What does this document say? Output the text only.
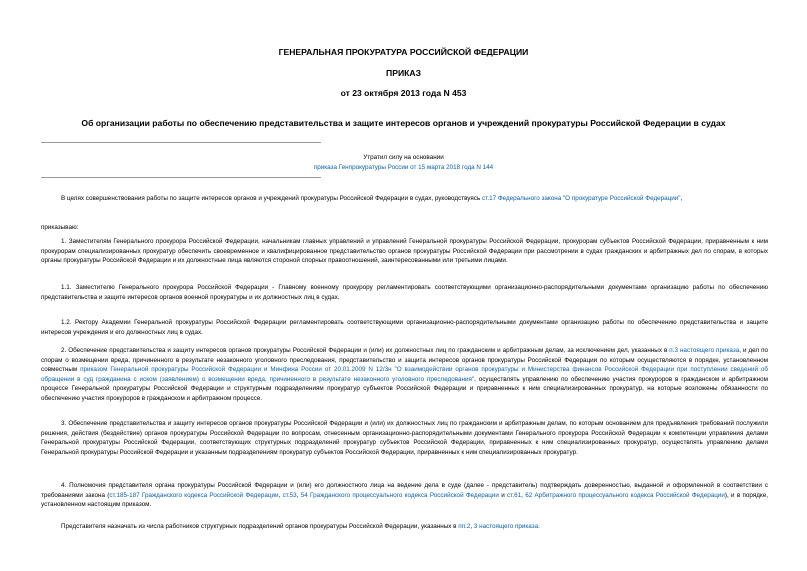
ГЕНЕРАЛЬНАЯ ПРОКУРАТУРА РОССИЙСКОЙ ФЕДЕРАЦИИ
ПРИКАЗ
от 23 октября 2013 года N 453
Об организации работы по обеспечению представительства и защите интересов органов и учреждений прокуратуры Российской Федерации в судах
Утратил силу на основании
приказа Генпрокуратуры России от 15 марта 2018 года N 144
В целях совершенствования работы по защите интересов органов и учреждений прокуратуры Российской Федерации в судах, руководствуясь ст.17 Федерального закона "О прокуратуре Российской Федерации",
приказываю:
1. Заместителям Генерального прокурора Российской Федерации, начальникам главных управлений и управлений Генеральной прокуратуры Российской Федерации, прокурорам субъектов Российской Федерации, приравненным к ним прокурорам специализированных прокуратур обеспечить своевременное и квалифицированное представительство органов прокуратуры Российской Федерации при рассмотрении в судах гражданских и арбитражных дел по спорам, в которых органы прокуратуры Российской Федерации и их должностные лица являются стороной спорных правоотношений, заинтересованными или третьими лицами.
1.1. Заместителю Генерального прокурора Российской Федерации - Главному военному прокурору регламентировать соответствующими организационно-распорядительными документами организацию работы по обеспечению представительства и защите интересов органов военной прокуратуры и их должностных лиц в судах.
1.2. Ректору Академии Генеральной прокуратуры Российской Федерации регламентировать соответствующими организационно-распорядительными документами организацию работы по обеспечению представительства и защите интересов учреждения и его должностных лиц в судах.
2. Обеспечение представительства и защиту интересов органов прокуратуры Российской Федерации и (или) их должностных лиц по гражданским и арбитражным делам, за исключением дел, указанных в п.3 настоящего приказа, и дел по спорам о возмещении вреда, причиненного в результате незаконного уголовного преследования, представительство и защита интересов органов прокуратуры Российской Федерации по которым осуществляются в порядке, установленном совместным приказом Генеральной прокуратуры Российской Федерации и Минфина России от 20.01.2009 N 12/3н "О взаимодействии органов прокуратуры и Министерства финансов Российской Федерации при поступлении сведений об обращении в суд гражданина с иском (заявлением) о возмещении вреда, причиненного в результате незаконного уголовного преследования", осуществлять управлению по обеспечению участия прокуроров в гражданском и арбитражном процессе Генеральной прокуратуры Российской Федерации и структурным подразделениям прокуратур субъектов Российской Федерации и приравненных к ним специализированных прокуратур, на которые возложены обязанности по обеспечению участия прокуроров в гражданском и арбитражном процессе.
3. Обеспечение представительства и защиту интересов органов прокуратуры Российской Федерации и (или) их должностных лиц по гражданским и арбитражным делам, по которым основанием для предъявления требований послужили решения, действия (бездействие) органов прокуратуры Российской Федерации по вопросам, отнесенным организационно-распорядительными документами Генерального прокурора Российской Федерации к компетенции управления делами Генеральной прокуратуры Российской Федерации, соответствующих структурных подразделений прокуратур субъектов Российской Федерации, приравненных к ним специализированных прокуратур, осуществлять управлению делами Генеральной прокуратуры Российской Федерации и указанным подразделениям прокуратур субъектов Российской Федерации, приравненных к ним специализированных прокуратур.
4. Полномочия представителя органа прокуратуры Российской Федерации и (или) его должностного лица на ведение дела в суде (далее - представитель) подтверждать доверенностью, выданной и оформленной в соответствии с требованиями закона (ст.185-187 Гражданского кодекса Российской Федерации, ст.53, 54 Гражданского процессуального кодекса Российской Федерации и ст.61, 62 Арбитражного процессуального кодекса Российской Федерации), и в порядке, установленном настоящим приказом.
Представителя назначать из числа работников структурных подразделений органов прокуратуры Российской Федерации, указанных в пп.2, 3 настоящего приказа.
